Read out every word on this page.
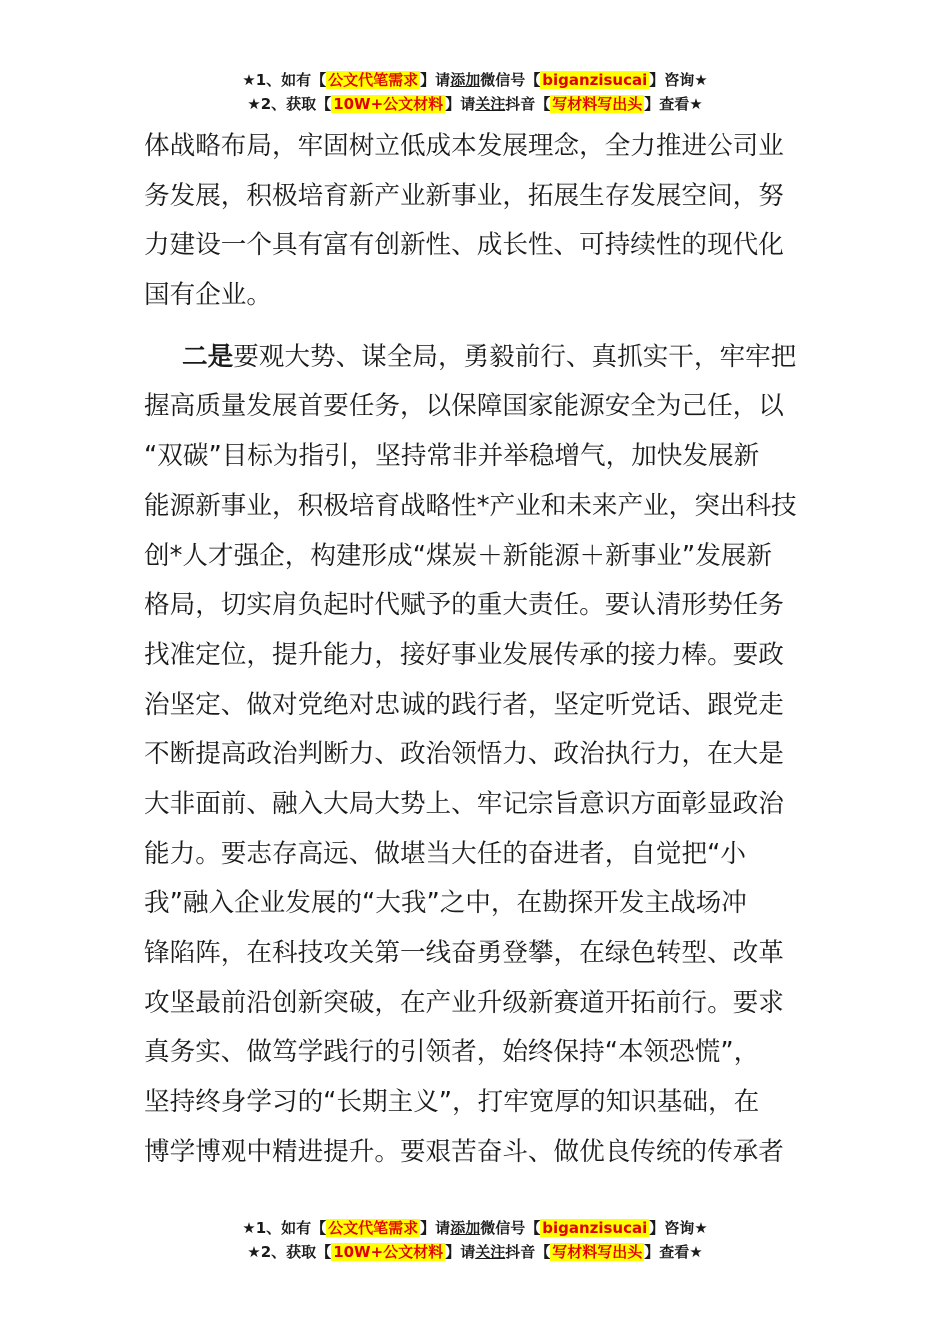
★1、如有【 公文代笔需求 】请添加微信号【 biganzisucai 】咨询★
★2、获取【 10W+公文材料 】请关注抖音【 写材料写出头 】查看★
体战略布局，牢固树立低成本发展理念，全力推进公司业
务发展，积极培育新产业新事业，拓展生存发展空间，努
力建设一个具有富有创新性、成长性、可持续性的现代化
国有企业。
二是要观大势、谋全局，勇毅前行、真抓实干，牢牢把
握高质量发展首要任务，以保障国家能源安全为己任，以
“双碳”目标为指引，坚持常非并举稳增气，加快发展新
能源新事业，积极培育战略性*产业和未来产业，突出科技
创*人才强企，构建形成“煤炭＋新能源＋新事业”发展新
格局，切实肩负起时代赋予的重大责任。要认清形势任务
找准定位，提升能力，接好事业发展传承的接力棒。要政
治坚定、做对党绝对忠诚的践行者，坚定听党话、跟党走
不断提高政治判断力、政治领悟力、政治执行力，在大是
大非面前、融入大局大势上、牢记宗旨意识方面彰显政治
能力。要志存高远、做堪当大任的奋进者，自觉把“小
我”融入企业发展的“大我”之中，在勘探开发主战场冲
锋陷阵，在科技攻关第一线奋勇登攀，在绿色转型、改革
攻坚最前沿创新突破，在产业升级新赛道开拓前行。要求
真务实、做笃学践行的引领者，始终保持“本领恐慌”，
坚持终身学习的“长期主义”，打牢宽厚的知识基础，在
博学博观中精进提升。要艰苦奋斗、做优良传统的传承者
★1、如有【 公文代笔需求 】请添加微信号【 biganzisucai 】咨询★
★2、获取【 10W+公文材料 】请关注抖音【 写材料写出头 】查看★
